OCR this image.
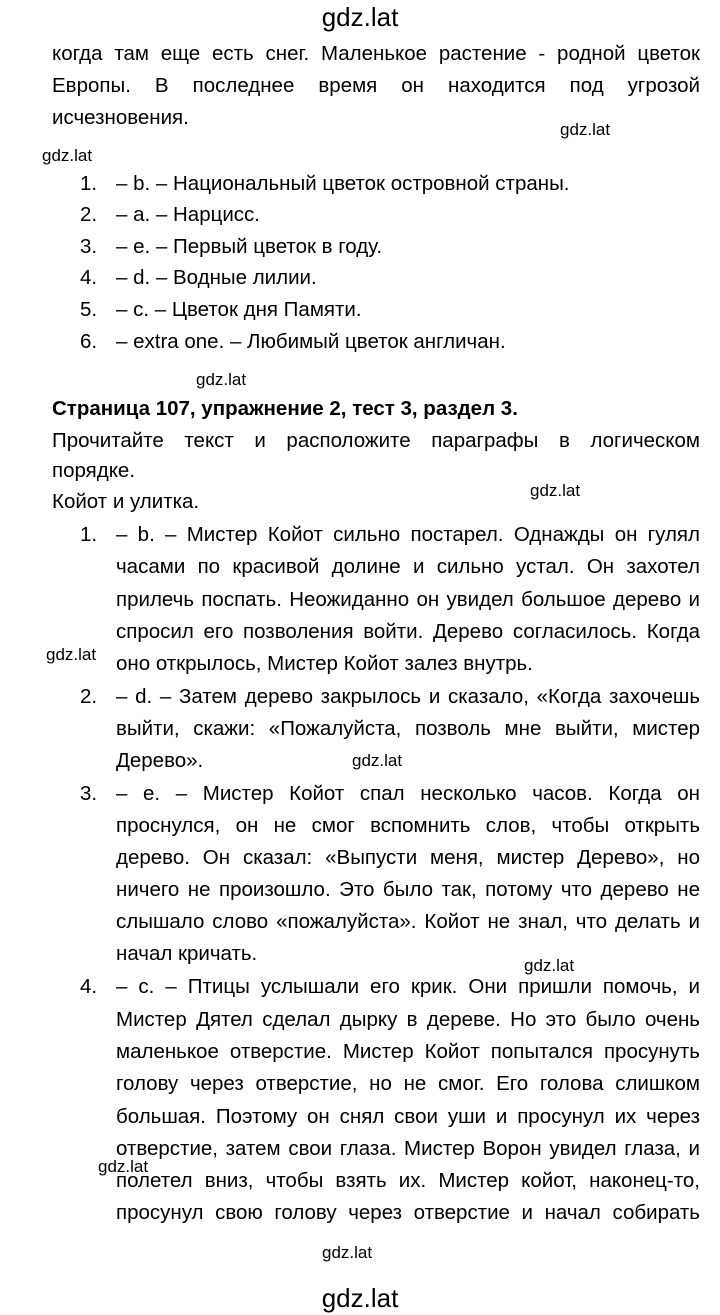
gdz.lat
когда там еще есть снег. Маленькое растение - родной цветок
Европы. В последнее время он находится под угрозой
исчезновения.
gdz.lat
gdz.lat
1. – b. – Национальный цветок островной страны.
2. – a. – Нарцисс.
3. – e. – Первый цветок в году.
4. – d. – Водные лилии.
5. – c. – Цветок дня Памяти.
6. – extra one. – Любимый цветок англичан.
gdz.lat
Страница 107, упражнение 2, тест 3, раздел 3.
Прочитайте текст и расположите параграфы в логическом
порядке.
Койот и улитка.	gdz.lat
1. – b. – Мистер Койот сильно постарел. Однажды он гулял
часами по красивой долине и сильно устал. Он захотел
прилечь поспать. Неожиданно он увидел большое дерево и
спросил его позволения войти. Дерево согласилось. Когда
оно открылось, Мистер Койот залез внутрь.
gdz.lat
2. – d. – Затем дерево закрылось и сказало, «Когда захочешь
выйти, скажи: «Пожалуйста, позволь мне выйти, мистер
Дерево».	gdz.lat
3. – e. – Мистер Койот спал несколько часов. Когда он
проснулся, он не смог вспомнить слов, чтобы открыть
дерево. Он сказал: «Выпусти меня, мистер Дерево», но
ничего не произошло. Это было так, потому что дерево не
слышало слово «пожалуйста». Койот не знал, что делать и
начал кричать.
gdz.lat
4. – c. – Птицы услышали его крик. Они пришли помочь, и
Мистер Дятел сделал дырку в дереве. Но это было очень
маленькое отверстие. Мистер Койот попытался просунуть
голову через отверстие, но не смог. Его голова слишком
большая. Поэтому он снял свои уши и просунул их через
отверстие, затем свои глаза. Мистер Ворон увидел глаза, и
полетел вниз, чтобы взять их. Мистер койот, наконец-то,
просунул свою голову через отверстие и начал собирать
gdz.lat
gdz.lat
gdz.lat
